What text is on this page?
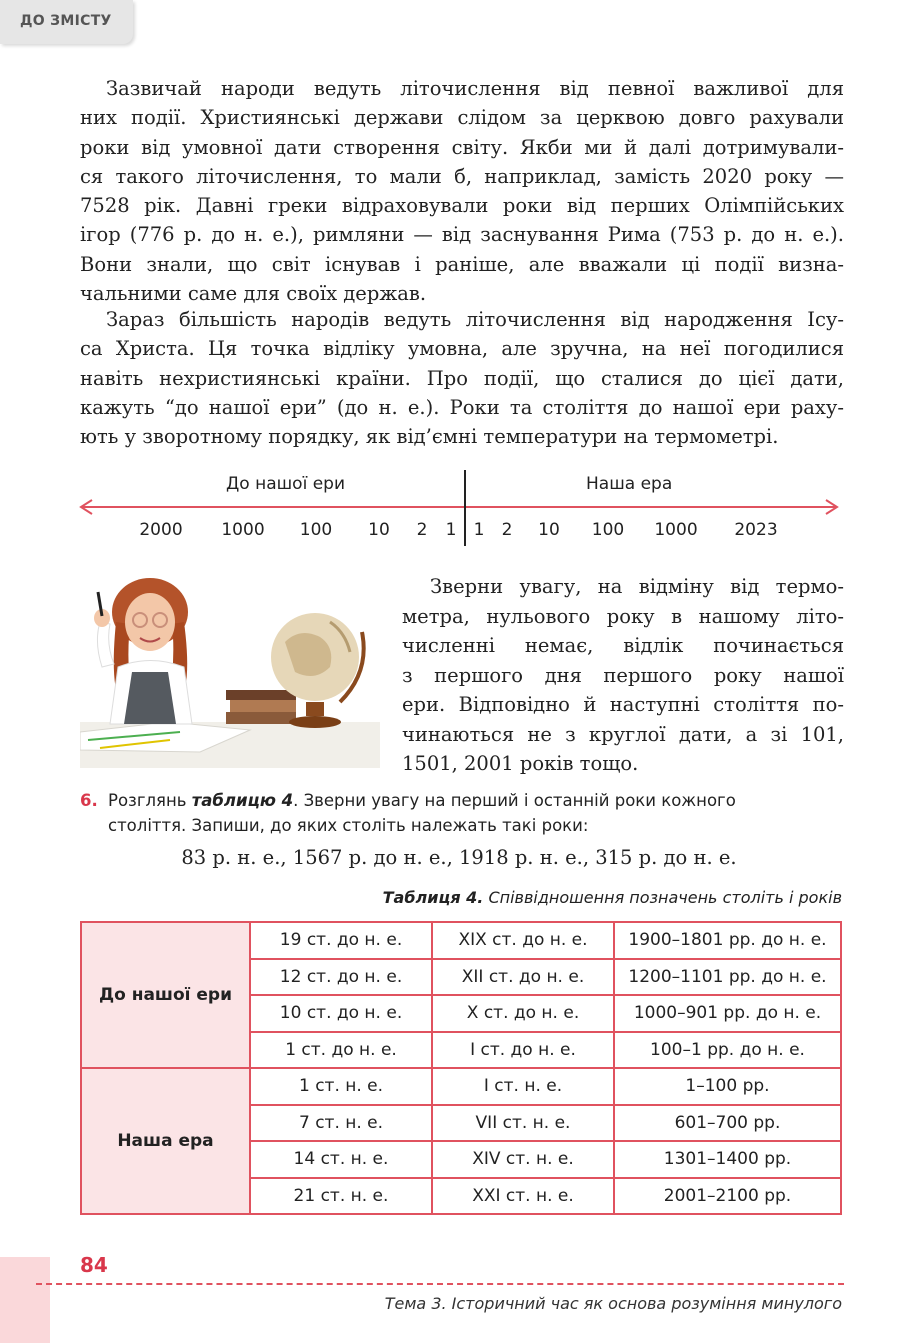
ДО ЗМІСТУ
Зазвичай народи ведуть літочислення від певної важливої для
них події. Християнські держави слідом за церквою довго рахували
роки від умовної дати створення світу. Якби ми й далі дотримували-
ся такого літочислення, то мали б, наприклад, замість 2020 року —
7528 рік. Давні греки відраховували роки від перших Олімпійських
ігор (776 р. до н. е.), римляни — від заснування Рима (753 р. до н. е.).
Вони знали, що світ існував і раніше, але вважали ці події визна-
чальними саме для своїх держав.
Зараз більшість народів ведуть літочислення від народження Ісу-
са Христа. Ця точка відліку умовна, але зручна, на неї погодилися
навіть нехристиянські країни. Про події, що сталися до цієї дати,
кажуть “до нашої ери” (до н. е.). Роки та століття до нашої ери раху-
ють у зворотному порядку, як від’ємні температури на термометрі.
До нашої ери	Наша ера
2000 1000 100 10 2 1 1 2 10 100 1000 2023
Зверни увагу, на відміну від термо-
метра, нульового року в нашому літо-
численні немає, відлік починається
з першого дня першого року нашої
ери. Відповідно й наступні століття по-
чинаються не з круглої дати, а зі 101,
1501, 2001 років тощо.
6. Розглянь таблицю 4. Зверни увагу на перший і останній роки кожного
століття. Запиши, до яких століть належать такі роки:
83 р. н. е., 1567 р. до н. е., 1918 р. н. е., 315 р. до н. е.
Таблиця 4. Співвідношення позначень століть і років
До нашої ери	19 ст. до н. е.	XIX ст. до н. е.	1900–1801 рр. до н. е.
	12 ст. до н. е.	XII ст. до н. е.	1200–1101 рр. до н. е.
	10 ст. до н. е.	X ст. до н. е.	1000–901 рр. до н. е.
	1 ст. до н. е.	I ст. до н. е.	100–1 рр. до н. е.
Наша ера	1 ст. н. е.	I ст. н. е.	1–100 рр.
	7 ст. н. е.	VII ст. н. е.	601–700 рр.
	14 ст. н. е.	XIV ст. н. е.	1301–1400 рр.
	21 ст. н. е.	XXI ст. н. е.	2001–2100 рр.
84
Тема 3. Історичний час як основа розуміння минулого
